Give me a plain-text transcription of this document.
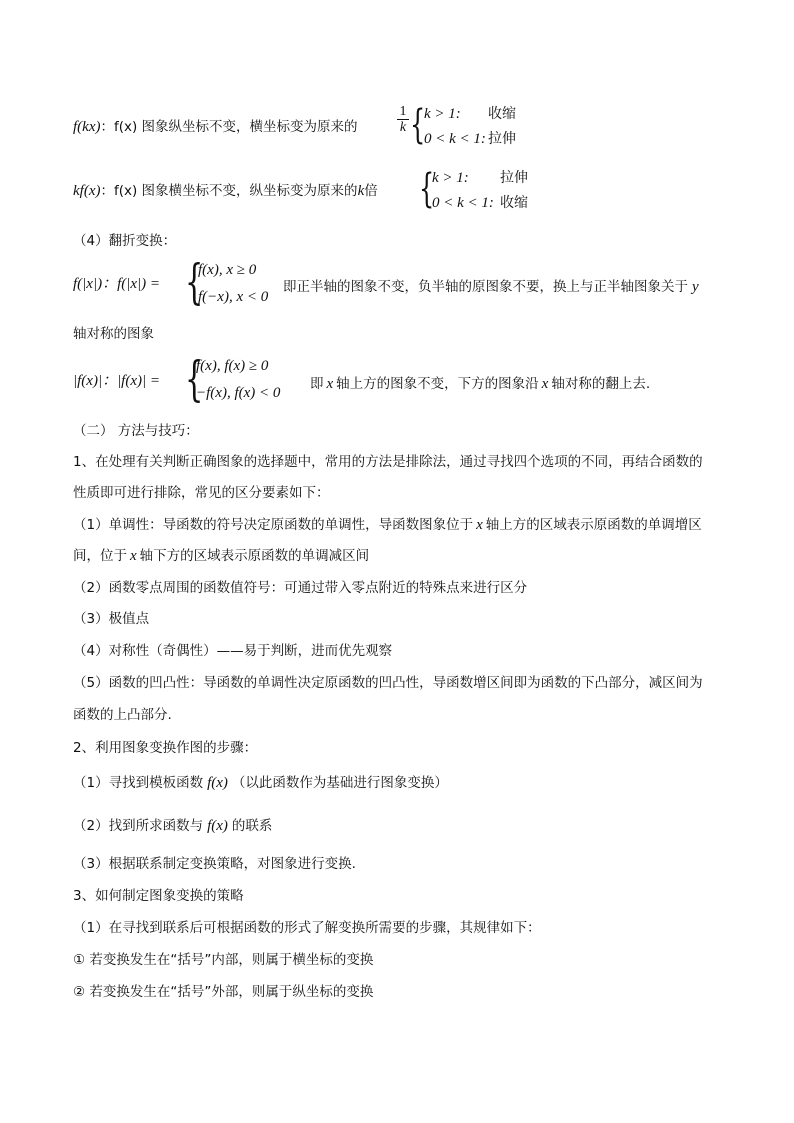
f(kx)：f(x) 图象纵坐标不变，横坐标变为原来的	$\frac{1}{k}$ {
k > 1: 收缩
0 < k < 1: 拉伸
kf(x)：f(x) 图象横坐标不变，纵坐标变为原来的k倍 {
k > 1: 拉伸
0 < k < 1: 收缩
（4）翻折变换：
f(|x|)：f(|x|) = {
f(x), x ≥ 0
f(−x), x < 0
即正半轴的图象不变，负半轴的原图象不要，换上与正半轴图象关于 y
轴对称的图象
|f(x)|：|f(x)| = {
f(x), f(x) ≥ 0
−f(x), f(x) < 0
即 x 轴上方的图象不变，下方的图象沿 x 轴对称的翻上去.
（二） 方法与技巧：
1、在处理有关判断正确图象的选择题中，常用的方法是排除法，通过寻找四个选项的不同，再结合函数的
性质即可进行排除，常见的区分要素如下：
（1）单调性：导函数的符号决定原函数的单调性，导函数图象位于 x 轴上方的区域表示原函数的单调增区
间，位于 x 轴下方的区域表示原函数的单调减区间
（2）函数零点周围的函数值符号：可通过带入零点附近的特殊点来进行区分
（3）极值点
（4）对称性（奇偶性）——易于判断，进而优先观察
（5）函数的凹凸性：导函数的单调性决定原函数的凹凸性，导函数增区间即为函数的下凸部分，减区间为
函数的上凸部分.
2、利用图象变换作图的步骤：
（1）寻找到模板函数 f(x) （以此函数作为基础进行图象变换）
（2）找到所求函数与 f(x) 的联系
（3）根据联系制定变换策略，对图象进行变换.
3、如何制定图象变换的策略
（1）在寻找到联系后可根据函数的形式了解变换所需要的步骤，其规律如下：
① 若变换发生在“括号”内部，则属于横坐标的变换
② 若变换发生在“括号”外部，则属于纵坐标的变换
